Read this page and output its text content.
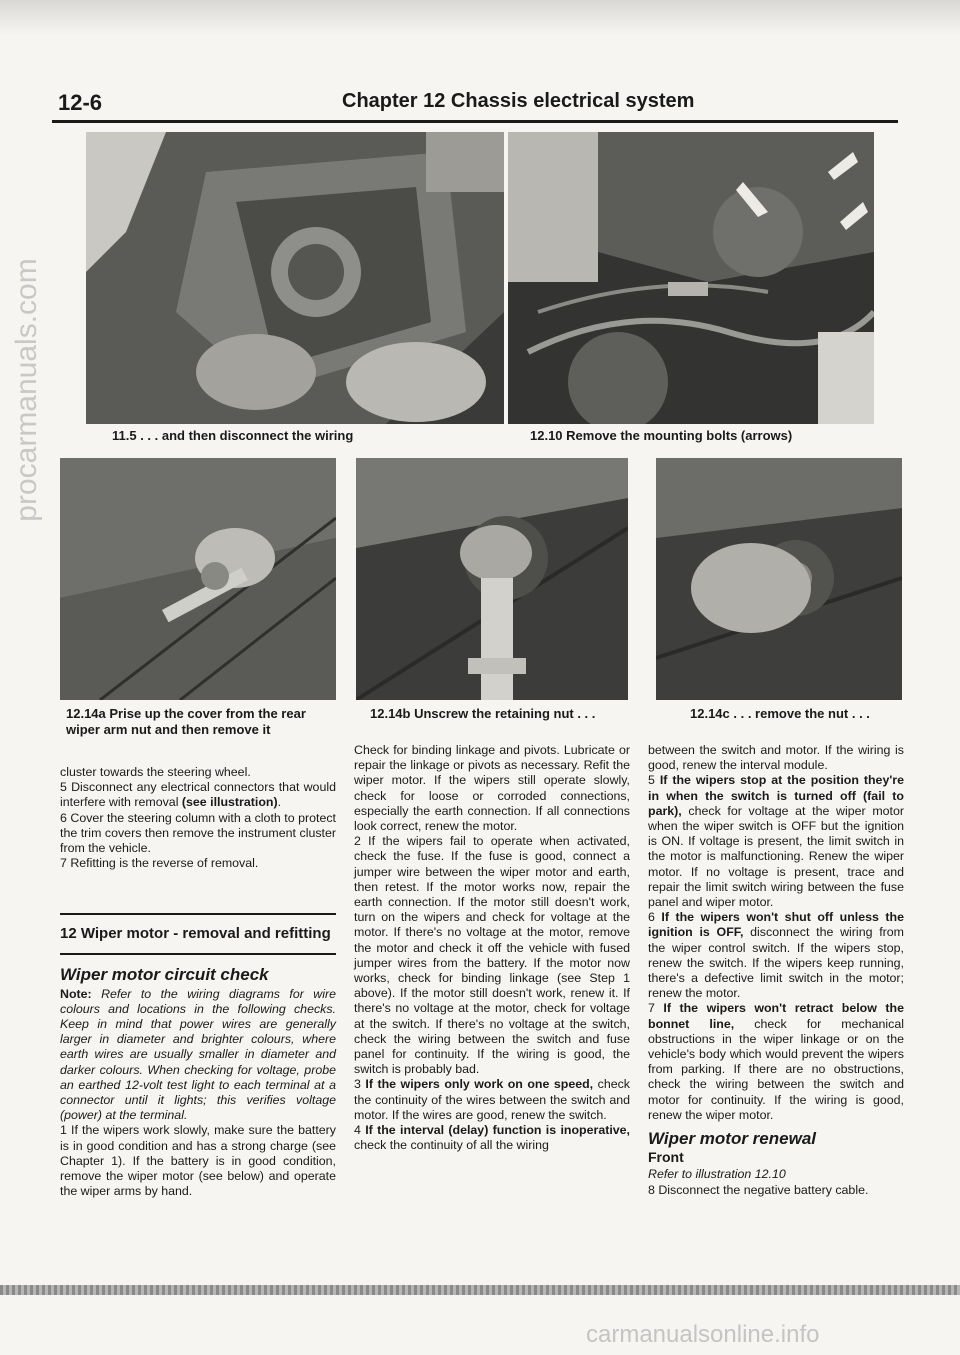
12-6	Chapter 12 Chassis electrical system
11.5 . . . and then disconnect the wiring	12.10 Remove the mounting bolts (arrows)
12.14a Prise up the cover from the rear wiper arm nut and then remove it
12.14b Unscrew the retaining nut . . .	12.14c . . . remove the nut . . .

cluster towards the steering wheel.

5 Disconnect any electrical connectors that would interfere with removal (see illustration).

6 Cover the steering column with a cloth to protect the trim covers then remove the instrument cluster from the vehicle.

7 Refitting is the reverse of removal.

12 Wiper motor - removal and refitting
Wiper motor circuit check

Note: Refer to the wiring diagrams for wire colours and locations in the following checks. Keep in mind that power wires are generally larger in diameter and brighter colours, where earth wires are usually smaller in diameter and darker colours. When checking for voltage, probe an earthed 12-volt test light to each terminal at a connector until it lights; this verifies voltage (power) at the terminal.

1 If the wipers work slowly, make sure the battery is in good condition and has a strong charge (see Chapter 1). If the battery is in good condition, remove the wiper motor (see below) and operate the wiper arms by hand.

Check for binding linkage and pivots. Lubricate or repair the linkage or pivots as necessary. Refit the wiper motor. If the wipers still operate slowly, check for loose or corroded connections, especially the earth connection. If all connections look correct, renew the motor.

2 If the wipers fail to operate when activated, check the fuse. If the fuse is good, connect a jumper wire between the wiper motor and earth, then retest. If the motor works now, repair the earth connection. If the motor still doesn't work, turn on the wipers and check for voltage at the motor. If there's no voltage at the motor, remove the motor and check it off the vehicle with fused jumper wires from the battery. If the motor now works, check for binding linkage (see Step 1 above). If the motor still doesn't work, renew it. If there's no voltage at the motor, check for voltage at the switch. If there's no voltage at the switch, check the wiring between the switch and fuse panel for continuity. If the wiring is good, the switch is probably bad.

3 If the wipers only work on one speed, check the continuity of the wires between the switch and motor. If the wires are good, renew the switch.

4 If the interval (delay) function is inoperative, check the continuity of all the wiring

between the switch and motor. If the wiring is good, renew the interval module.

5 If the wipers stop at the position they're in when the switch is turned off (fail to park), check for voltage at the wiper motor when the wiper switch is OFF but the ignition is ON. If voltage is present, the limit switch in the motor is malfunctioning. Renew the wiper motor. If no voltage is present, trace and repair the limit switch wiring between the fuse panel and wiper motor.

6 If the wipers won't shut off unless the ignition is OFF, disconnect the wiring from the wiper control switch. If the wipers stop, renew the switch. If the wipers keep running, there's a defective limit switch in the motor; renew the motor.

7 If the wipers won't retract below the bonnet line, check for mechanical obstructions in the wiper linkage or on the vehicle's body which would prevent the wipers from parking. If there are no obstructions, check the wiring between the switch and motor for continuity. If the wiring is good, renew the wiper motor.

Wiper motor renewal
Front

Refer to illustration 12.10

8 Disconnect the negative battery cable.

procarmanuals.com
carmanualsonline.info
